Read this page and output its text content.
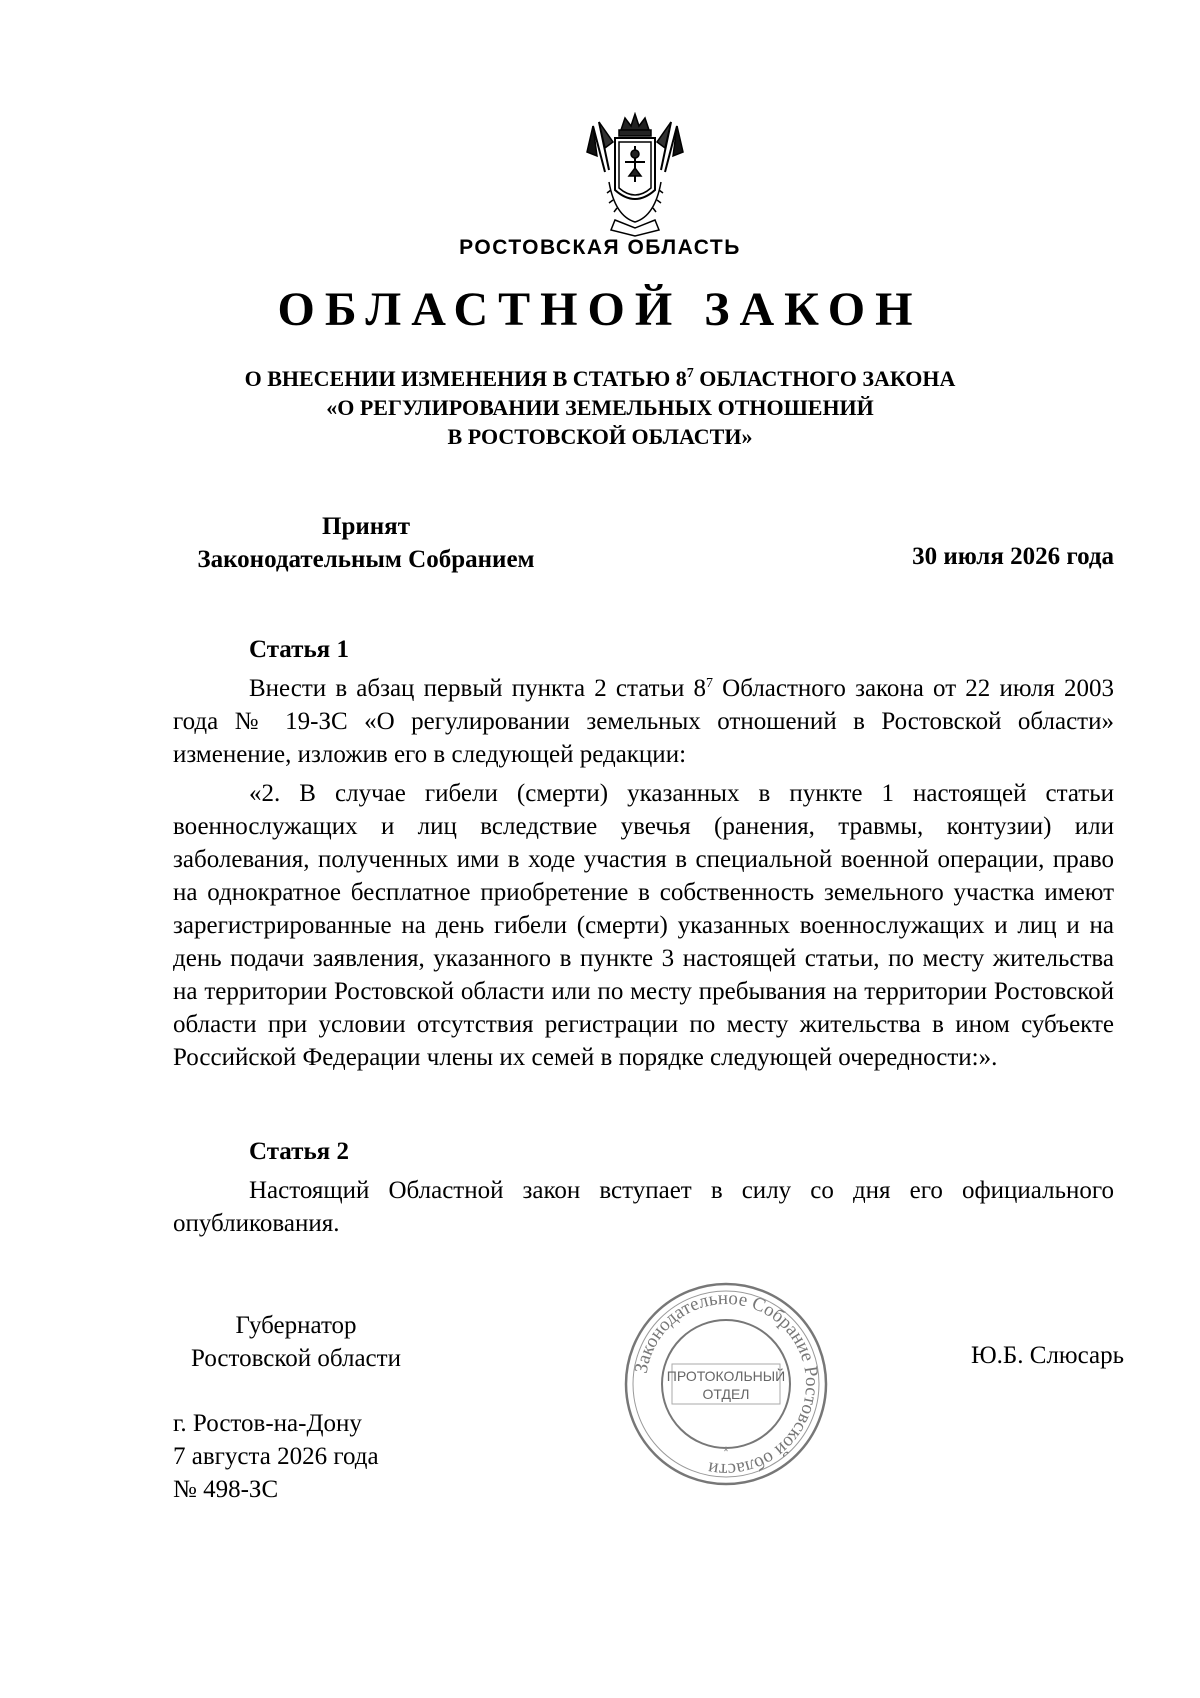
РОСТОВСКАЯ ОБЛАСТЬ
ОБЛАСТНОЙ ЗАКОН
О ВНЕСЕНИИ ИЗМЕНЕНИЯ В СТАТЬЮ $8^7$ ОБЛАСТНОГО ЗАКОНА
«О РЕГУЛИРОВАНИИ ЗЕМЕЛЬНЫХ ОТНОШЕНИЙ
В РОСТОВСКОЙ ОБЛАСТИ»
Принят
Законодательным Собранием	30 июля 2026 года
Статья 1

Внести в абзац первый пункта 2 статьи $8^7$ Областного закона от 22 июля 2003 года № 19-ЗС «О регулировании земельных отношений в Ростовской области» изменение, изложив его в следующей редакции:

«2. В случае гибели (смерти) указанных в пункте 1 настоящей статьи военнослужащих и лиц вследствие увечья (ранения, травмы, контузии) или заболевания, полученных ими в ходе участия в специальной военной операции, право на однократное бесплатное приобретение в собственность земельного участка имеют зарегистрированные на день гибели (смерти) указанных военнослужащих и лиц и на день подачи заявления, указанного в пункте 3 настоящей статьи, по месту жительства на территории Ростовской области или по месту пребывания на территории Ростовской области при условии отсутствия регистрации по месту жительства в ином субъекте Российской Федерации члены их семей в порядке следующей очередности:».

Статья 2

Настоящий Областной закон вступает в силу со дня его официального опубликования.

Губернатор
Ростовской области	Ю.Б. Слюсарь
г. Ростов-на-Дону
7 августа 2026 года
№ 498-ЗС
Законодательное Собрание Ростовской области
ПРОТОКОЛЬНЫЙ
ОТДЕЛ
*
